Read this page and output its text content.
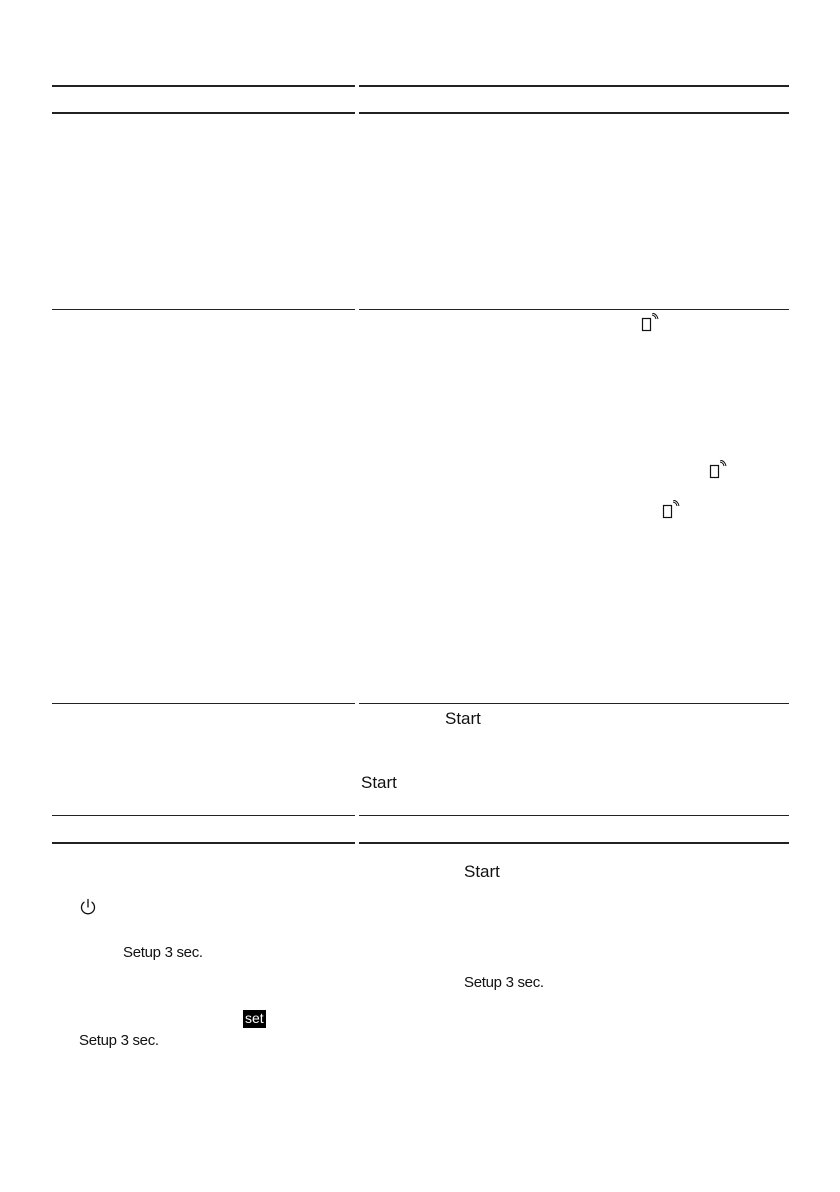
Start
Start
Start
Setup 3 sec.
Setup 3 sec.
set
Setup 3 sec.
